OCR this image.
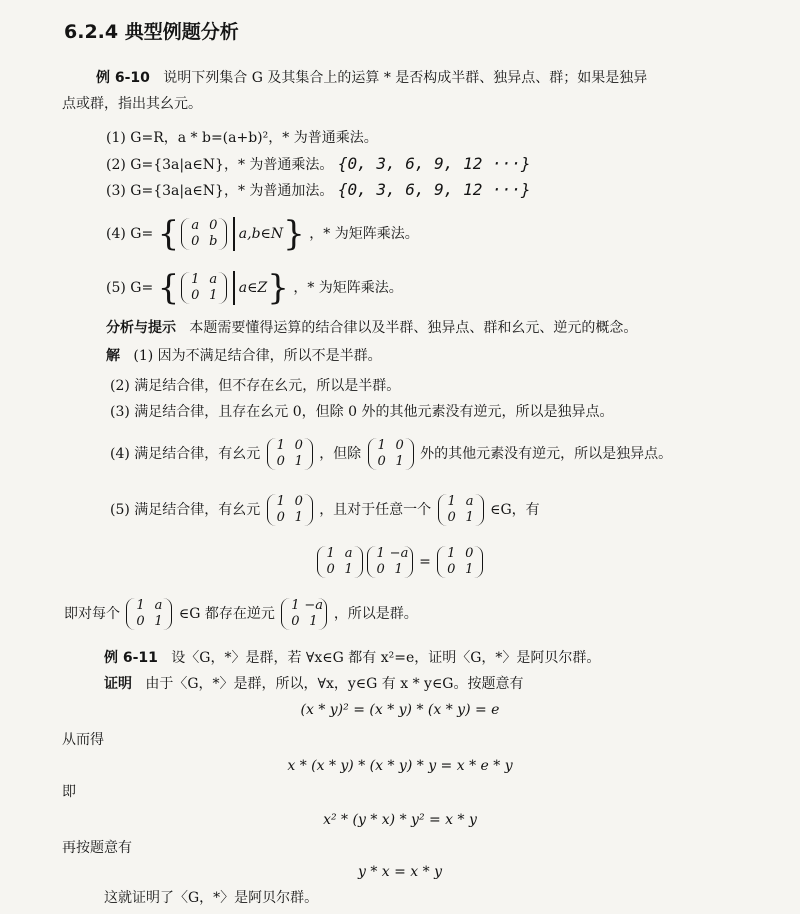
6.2.4 典型例题分析
例 6-10 说明下列集合 G 及其集合上的运算 * 是否构成半群、独异点、群；如果是独异
点或群，指出其幺元。
(1) G=R，a * b=(a+b)²，* 为普通乘法。
(2) G={3a|a∈N}，* 为普通乘法。 {0, 3, 6, 9, 12 ···}
(3) G={3a|a∈N}，* 为普通加法。 {0, 3, 6, 9, 12 ···}
(4) G= { a 0
0 b	a,b∈N } ，* 为矩阵乘法。
(5) G= { 1 a
0 1	a∈Z } ，* 为矩阵乘法。
分析与提示 本题需要懂得运算的结合律以及半群、独异点、群和幺元、逆元的概念。
解 (1) 因为不满足结合律，所以不是半群。
(2) 满足结合律，但不存在幺元，所以是半群。
(3) 满足结合律，且存在幺元 0，但除 0 外的其他元素没有逆元，所以是独异点。
(4) 满足结合律，有幺元
1 0
0 1	，但除
1 0
0 1	外的其他元素没有逆元，所以是独异点。
(5) 满足结合律，有幺元
1 0
0 1	，且对于任意一个
1 a
0 1	∈G，有
1 a
0 1
1 −a
0 1	=
1 0
0 1
即对每个
1 a
0 1	∈G 都存在逆元
1 −a
0 1	，所以是群。
例 6-11 设〈G，*〉是群，若 ∀x∈G 都有 x²=e，证明〈G，*〉是阿贝尔群。
证明 由于〈G，*〉是群，所以，∀x，y∈G 有 x * y∈G。按题意有
(x * y)² = (x * y) * (x * y) = e
从而得
x * (x * y) * (x * y) * y = x * e * y
即
x² * (y * x) * y² = x * y
再按题意有
y * x = x * y
这就证明了〈G，*〉是阿贝尔群。
